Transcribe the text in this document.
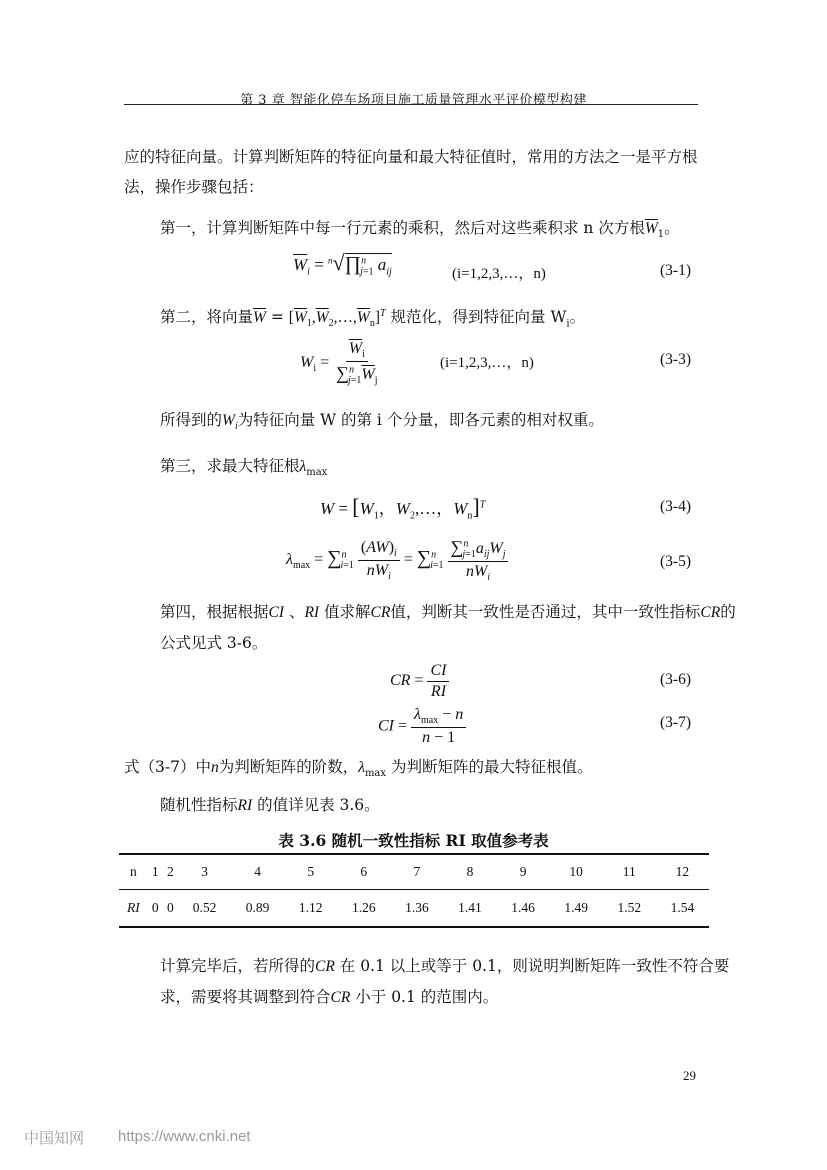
第 3 章 智能化停车场项目施工质量管理水平评价模型构建
应的特征向量。计算判断矩阵的特征向量和最大特征值时，常用的方法之一是平方根法，操作步骤包括：
第一，计算判断矩阵中每一行元素的乘积，然后对这些乘积求 n 次方根$\overline{W}_1$。
$\overline{W}_i$ = $^n$√∏$^n_{j=1}$ $a_{ij}$	(i=1,2,3,…，n)	(3-1)
第二，将向量$\overline{W}$ = $[\overline{W}_1,\overline{W}_2,\dots,\overline{W}_n]^T$ 规范化，得到特征向量 $W_i$。
$W_i = \frac{\overline{W}_i}{\sum^n_{j=1}\overline{W}_j}$	(i=1,2,3,…，n)	(3-3)
所得到的$W_i$为特征向量 W 的第 i 个分量，即各元素的相对权重。
第三，求最大特征根$\lambda_{max}$
$W = [W_1$，$W_2,\dots$，$W_n]^T$	(3-4)
$\lambda_{max} = \sum^n_{i=1} \frac{(AW)_i}{nW_i} = \sum^n_{i=1} \frac{\sum^n_{j=1}a_{ij}W_j}{nW_i}$	(3-5)
第四，根据根据CI 、RI 值求解CR值，判断其一致性是否通过，其中一致性指标CR的公式见式 3-6。
CR = $\frac{CI}{RI}$	(3-6)
CI = $\frac{\lambda_{max} - n}{n - 1}$	(3-7)
式（3-7）中n为判断矩阵的阶数，$\lambda_{max}$ 为判断矩阵的最大特征根值。
随机性指标RI 的值详见表 3.6。
表 3.6 随机一致性指标 RI 取值参考表
n	1	2	3	4	5	6	7	8	9	10	11	12
RI	0	0	0.52	0.89	1.12	1.26	1.36	1.41	1.46	1.49	1.52	1.54
计算完毕后，若所得的CR 在 0.1 以上或等于 0.1，则说明判断矩阵一致性不符合要求，需要将其调整到符合CR 小于 0.1 的范围内。
29
中国知网 https://www.cnki.net
